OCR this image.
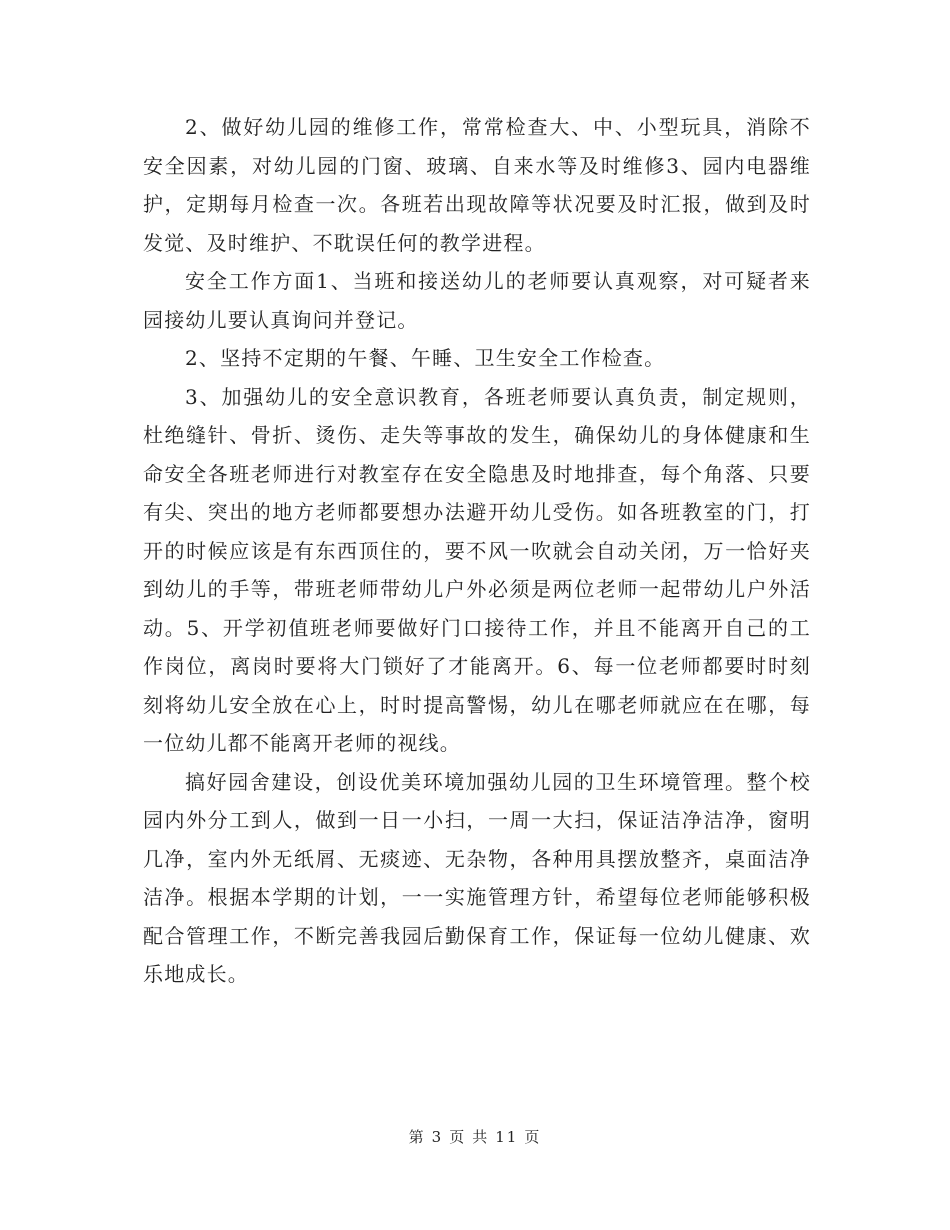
2、做好幼儿园的维修工作，常常检查大、中、小型玩具，消除不安全因素，对幼儿园的门窗、玻璃、自来水等及时维修3、园内电器维护，定期每月检查一次。各班若出现故障等状况要及时汇报，做到及时发觉、及时维护、不耽误任何的教学进程。

安全工作方面1、当班和接送幼儿的老师要认真观察，对可疑者来园接幼儿要认真询问并登记。

2、坚持不定期的午餐、午睡、卫生安全工作检查。

3、加强幼儿的安全意识教育，各班老师要认真负责，制定规则，杜绝缝针、骨折、烫伤、走失等事故的发生，确保幼儿的身体健康和生命安全各班老师进行对教室存在安全隐患及时地排查，每个角落、只要有尖、突出的地方老师都要想办法避开幼儿受伤。如各班教室的门，打开的时候应该是有东西顶住的，要不风一吹就会自动关闭，万一恰好夹到幼儿的手等，带班老师带幼儿户外必须是两位老师一起带幼儿户外活动。5、开学初值班老师要做好门口接待工作，并且不能离开自己的工作岗位，离岗时要将大门锁好了才能离开。6、每一位老师都要时时刻刻将幼儿安全放在心上，时时提高警惕，幼儿在哪老师就应在在哪，每一位幼儿都不能离开老师的视线。

搞好园舍建设，创设优美环境加强幼儿园的卫生环境管理。整个校园内外分工到人，做到一日一小扫，一周一大扫，保证洁净洁净，窗明几净，室内外无纸屑、无痰迹、无杂物，各种用具摆放整齐，桌面洁净洁净。根据本学期的计划，一一实施管理方针，希望每位老师能够积极配合管理工作，不断完善我园后勤保育工作，保证每一位幼儿健康、欢乐地成长。

第 3 页 共 11 页
